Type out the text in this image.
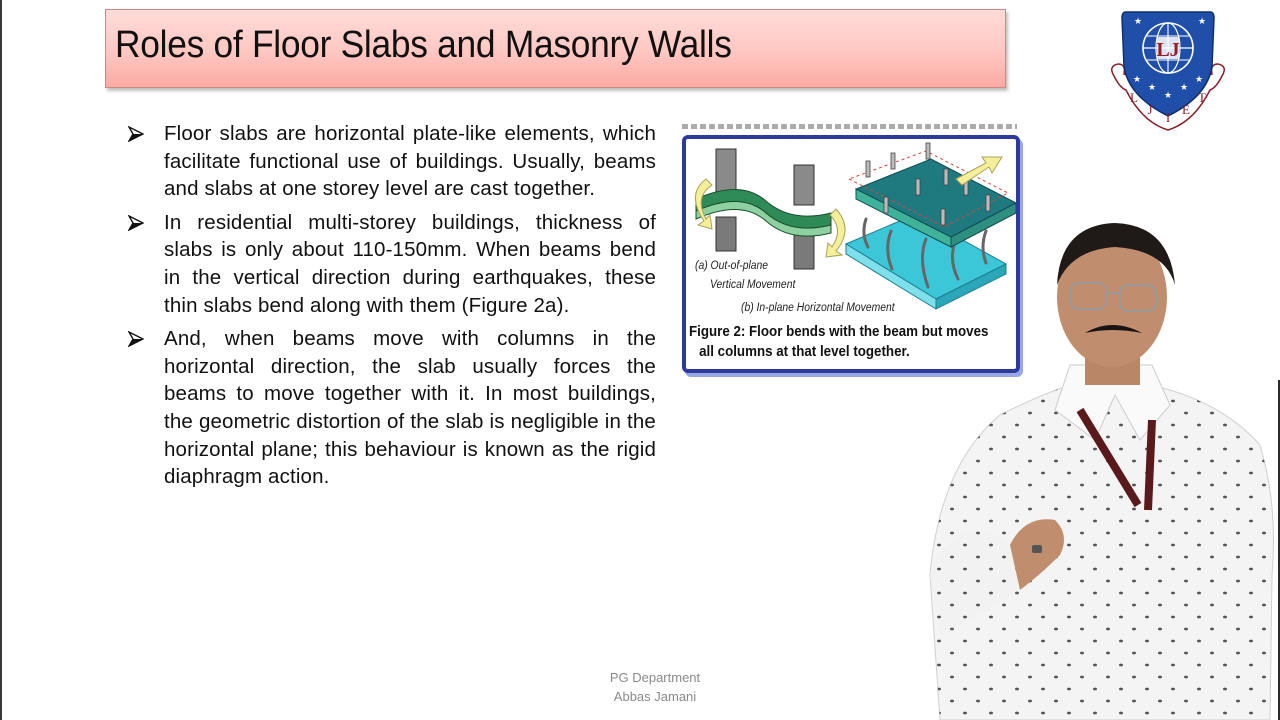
Roles of Floor Slabs and Masonry Walls	LJ
★	★
★
★
★
★
★
L
J
I
E
T
Floor slabs are horizontal plate-like elements, which facilitate functional use of buildings. Usually, beams and slabs at one storey level are cast together.
In residential multi-storey buildings, thickness of slabs is only about 110-150mm. When beams bend in the vertical direction during earthquakes, these thin slabs bend along with them (Figure 2a).
And, when beams move with columns in the horizontal direction, the slab usually forces the beams to move together with it. In most buildings, the geometric distortion of the slab is negligible in the horizontal plane; this behaviour is known as the rigid diaphragm action.
(a) Out-of-plane
Vertical Movement
(b) In-plane Horizontal Movement
Figure 2: Floor bends with the beam but moves
all columns at that level together.
PG Department
Abbas Jamani
